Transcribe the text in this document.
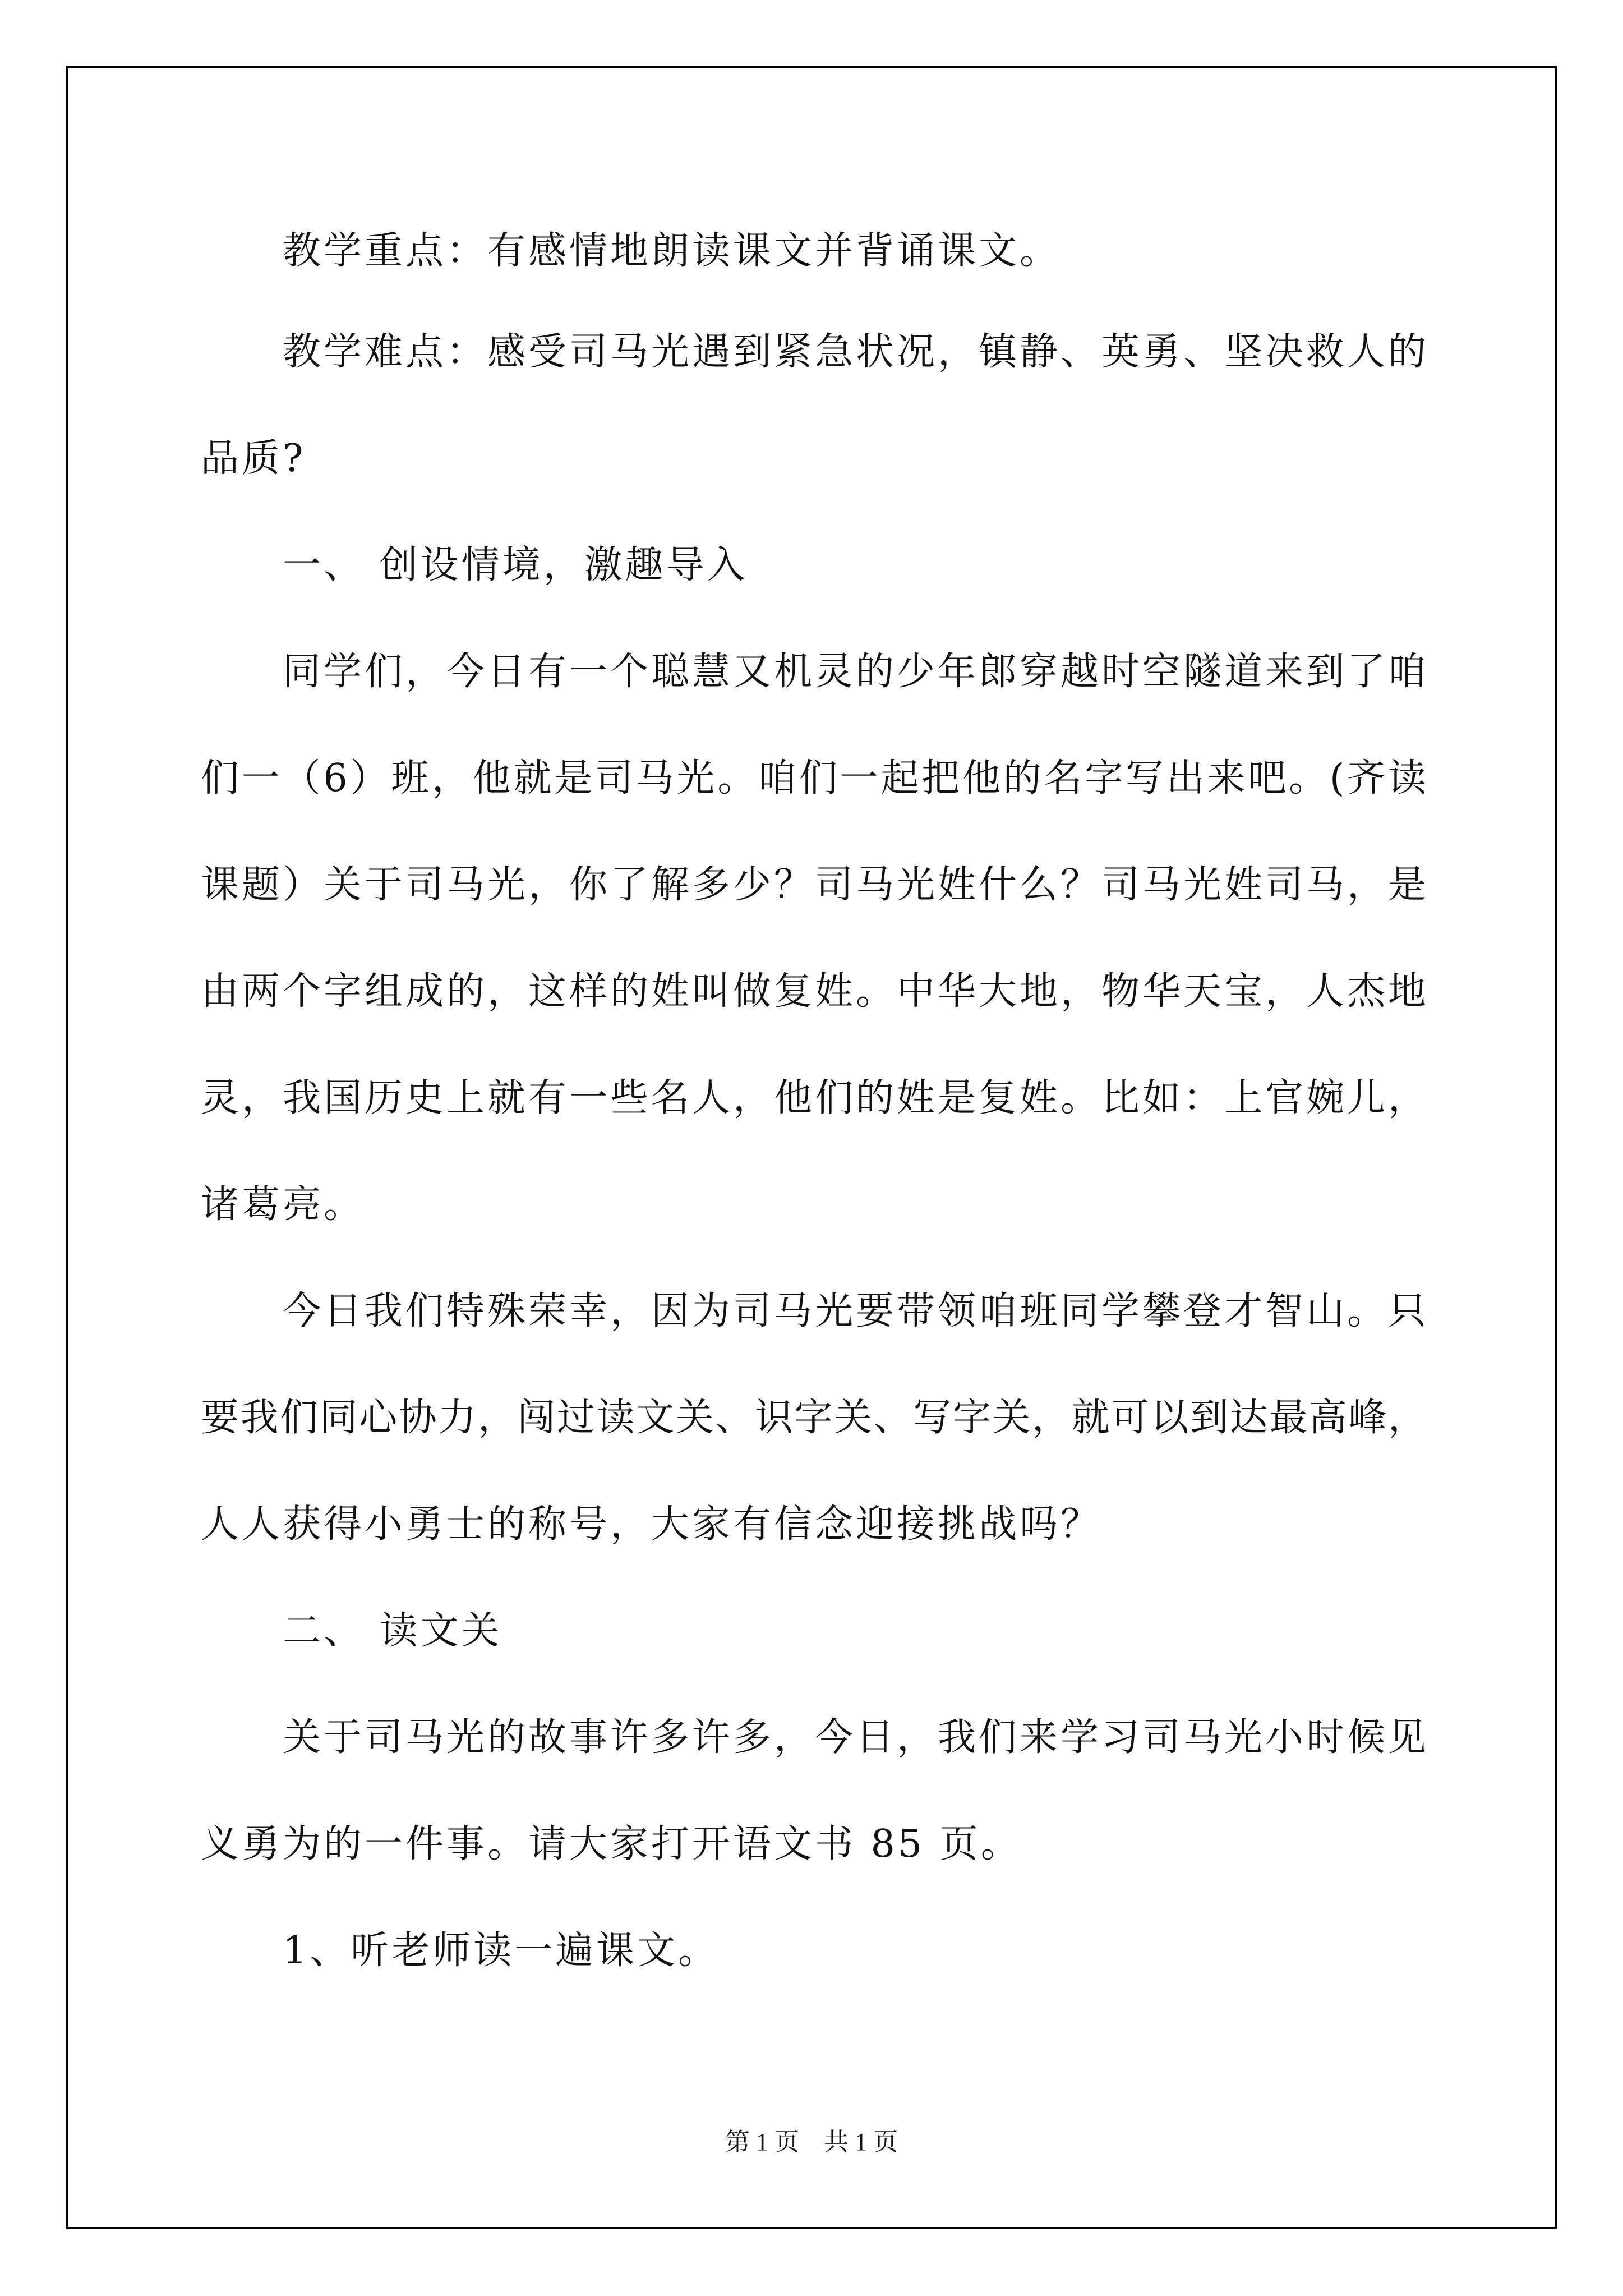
　　教学重点：有感情地朗读课文并背诵课文。
　　教学难点：感受司马光遇到紧急状况，镇静、英勇、坚决救人的
品质?
　　一、 创设情境，激趣导入
　　同学们，今日有一个聪慧又机灵的少年郎穿越时空隧道来到了咱
们一（6）班，他就是司马光。咱们一起把他的名字写出来吧。(齐读
课题）关于司马光，你了解多少？司马光姓什么？司马光姓司马，是
由两个字组成的，这样的姓叫做复姓。中华大地，物华天宝，人杰地
灵，我国历史上就有一些名人，他们的姓是复姓。比如：上官婉儿，
诸葛亮。
　　今日我们特殊荣幸，因为司马光要带领咱班同学攀登才智山。只
要我们同心协力，闯过读文关、识字关、写字关，就可以到达最高峰，
人人获得小勇士的称号，大家有信念迎接挑战吗？
　　二、 读文关
　　关于司马光的故事许多许多，今日，我们来学习司马光小时候见
义勇为的一件事。请大家打开语文书 85 页。
　　1、听老师读一遍课文。
第 1 页　共 1 页
